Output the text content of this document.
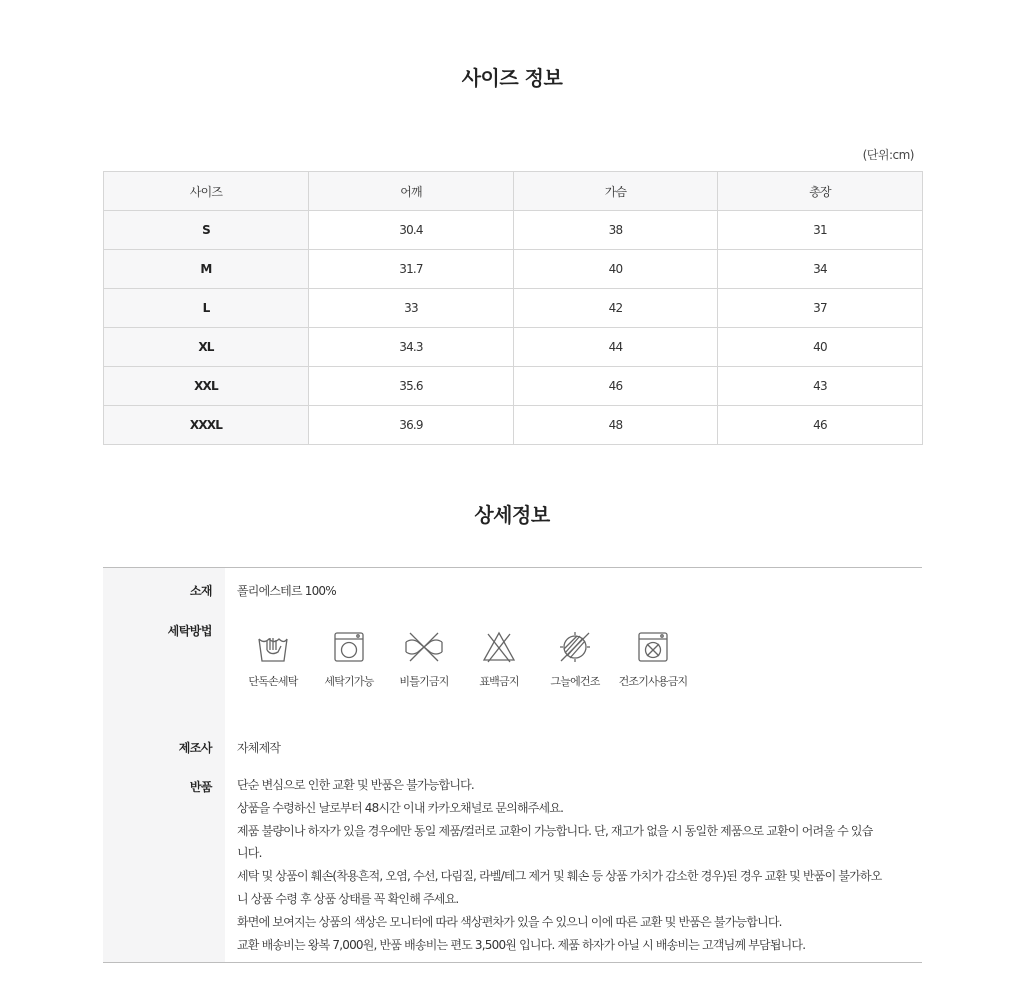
사이즈 정보
(단위:cm)
사이즈	어깨	가슴	총장
S	30.4	38	31
M	31.7	40	34
L	33	42	37
XL	34.3	44	40
XXL	35.6	46	43
XXXL	36.9	48	46
상세정보
소재 폴리에스테르 100%
세탁방법
단독손세탁	세탁기가능	비틀기금지	표백금지	그늘에건조	건조기사용금지
제조사 자체제작
반품 단순 변심으로 인한 교환 및 반품은 불가능합니다.
상품을 수령하신 날로부터 48시간 이내 카카오채널로 문의해주세요.
제품 불량이나 하자가 있을 경우에만 동일 제품/컬러로 교환이 가능합니다. 단, 재고가 없을 시 동일한 제품으로 교환이 어려울 수 있습
니다.
세탁 및 상품이 훼손(착용흔적, 오염, 수선, 다림질, 라벨/테그 제거 및 훼손 등 상품 가치가 감소한 경우)된 경우 교환 및 반품이 불가하오
니 상품 수령 후 상품 상태를 꼭 확인해 주세요.
화면에 보여지는 상품의 색상은 모니터에 따라 색상편차가 있을 수 있으니 이에 따른 교환 및 반품은 불가능합니다.
교환 배송비는 왕복 7,000원, 반품 배송비는 편도 3,500원 입니다. 제품 하자가 아닐 시 배송비는 고객님께 부담됩니다.
